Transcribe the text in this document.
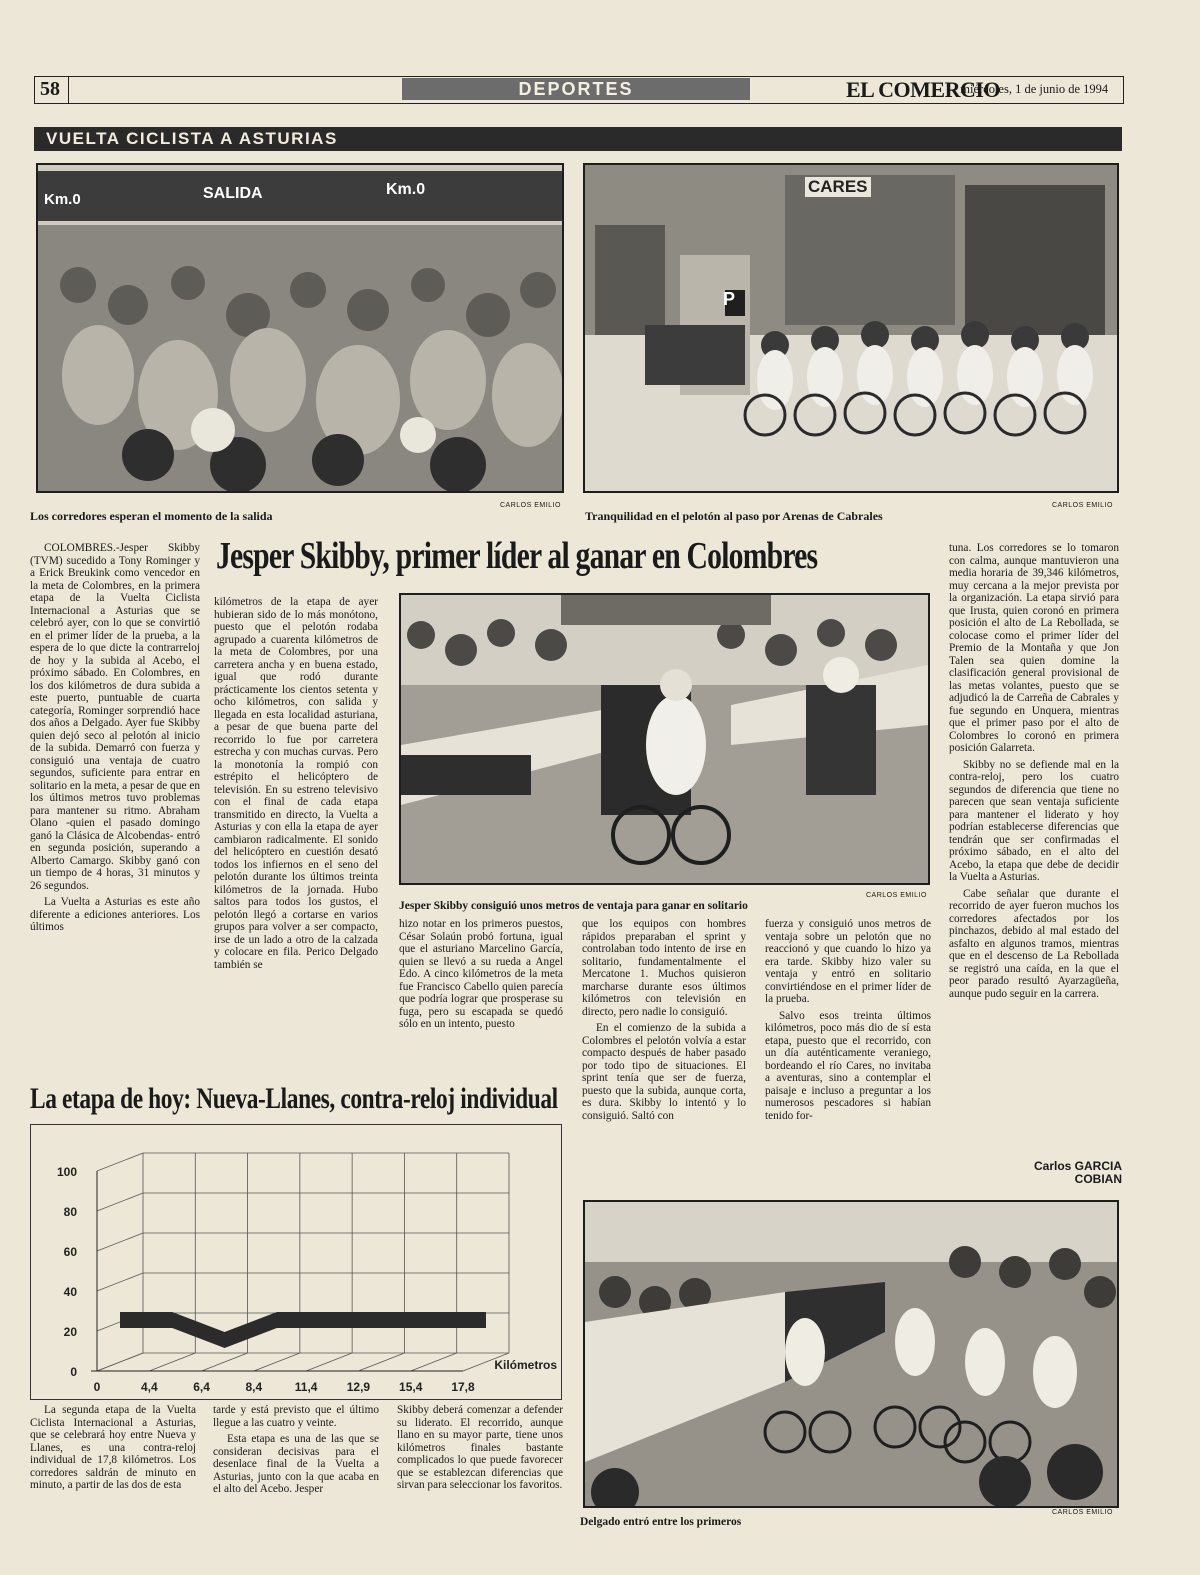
58	DEPORTES	EL COMERCIO
. miércoles, 1 de junio de 1994
VUELTA CICLISTA A ASTURIAS
Km.0	SALIDA	Km.0
CARLOS EMILIO
Los corredores esperan el momento de la salida
CARES
P
CARLOS EMILIO
Tranquilidad en el pelotón al paso por Arenas de Cabrales
Jesper Skibby, primer líder al ganar en Colombres

COLOMBRES.-Jesper Skibby (TVM) sucedido a Tony Rominger y a Erick Breukink como vencedor en la meta de Colombres, en la primera etapa de la Vuelta Ciclista Internacional a Asturias que se celebró ayer, con lo que se convirtió en el primer líder de la prueba, a la espera de lo que dicte la contrarreloj de hoy y la subida al Acebo, el próximo sábado. En Colombres, en los dos kilómetros de dura subida a este puerto, puntuable de cuarta categoría, Rominger sorprendió hace dos años a Delgado. Ayer fue Skibby quien dejó seco al pelotón al inicio de la subida. Demarró con fuerza y consiguió una ventaja de cuatro segundos, suficiente para entrar en solitario en la meta, a pesar de que en los últimos metros tuvo problemas para mantener su ritmo. Abraham Olano -quien el pasado domingo ganó la Clásica de Alcobendas- entró en segunda posición, superando a Alberto Camargo. Skibby ganó con un tiempo de 4 horas, 31 minutos y 26 segundos.

La Vuelta a Asturias es este año diferente a ediciones anteriores. Los últimos

kilómetros de la etapa de ayer hubieran sido de lo más monótono, puesto que el pelotón rodaba agrupado a cuarenta kilómetros de la meta de Colombres, por una carretera ancha y en buena estado, igual que rodó durante prácticamente los cientos setenta y ocho kilómetros, con salida y llegada en esta localidad asturiana, a pesar de que buena parte del recorrido lo fue por carretera estrecha y con muchas curvas. Pero la monotonía la rompió con estrépito el helicóptero de televisión. En su estreno televisivo con el final de cada etapa transmitido en directo, la Vuelta a Asturias y con ella la etapa de ayer cambiaron radicalmente. El sonido del helicóptero en cuestión desató todos los infiernos en el seno del pelotón durante los últimos treinta kilómetros de la jornada. Hubo saltos para todos los gustos, el pelotón llegó a cortarse en varios grupos para volver a ser compacto, irse de un lado a otro de la calzada y colocare en fila. Perico Delgado también se

CARLOS EMILIO
Jesper Skibby consiguió unos metros de ventaja para ganar en solitario

hizo notar en los primeros puestos, César Solaún probó fortuna, igual que el asturiano Marcelino García, quien se llevó a su rueda a Angel Edo. A cinco kilómetros de la meta fue Francisco Cabello quien parecía que podría lograr que prosperase su fuga, pero su escapada se quedó sólo en un intento, puesto

que los equipos con hombres rápidos preparaban el sprint y controlaban todo intento de irse en solitario, fundamentalmente el Mercatone 1. Muchos quisieron marcharse durante esos últimos kilómetros con televisión en directo, pero nadie lo consiguió.

En el comienzo de la subida a Colombres el pelotón volvía a estar compacto después de haber pasado por todo tipo de situaciones. El sprint tenía que ser de fuerza, puesto que la subida, aunque corta, es dura. Skibby lo intentó y lo consiguió. Saltó con

fuerza y consiguió unos metros de ventaja sobre un pelotón que no reaccionó y que cuando lo hizo ya era tarde. Skibby hizo valer su ventaja y entró en solitario convirtiéndose en el primer líder de la prueba.

Salvo esos treinta últimos kilómetros, poco más dio de sí esta etapa, puesto que el recorrido, con un día auténticamente veraniego, bordeando el río Cares, no invitaba a aventuras, sino a contemplar el paisaje e incluso a preguntar a los numerosos pescadores si habían tenido for-

tuna. Los corredores se lo tomaron con calma, aunque mantuvieron una media horaria de 39,346 kilómetros, muy cercana a la mejor prevista por la organización. La etapa sirvió para que Irusta, quien coronó en primera posición el alto de La Rebollada, se colocase como el primer líder del Premio de la Montaña y que Jon Talen sea quien domine la clasificación general provisional de las metas volantes, puesto que se adjudicó la de Carreña de Cabrales y fue segundo en Unquera, mientras que el primer paso por el alto de Colombres lo coronó en primera posición Galarreta.

Skibby no se defiende mal en la contra-reloj, pero los cuatro segundos de diferencia que tiene no parecen que sean ventaja suficiente para mantener el liderato y hoy podrían establecerse diferencias que tendrán que ser confirmadas el próximo sábado, en el alto del Acebo, la etapa que debe de decidir la Vuelta a Asturias.

Cabe señalar que durante el recorrido de ayer fueron muchos los corredores afectados por los pinchazos, debido al mal estado del asfalto en algunos tramos, mientras que en el descenso de La Rebollada se registró una caída, en la que el peor parado resultó Ayarzagüeña, aunque pudo seguir en la carrera.

Carlos GARCIA
COBIAN
La etapa de hoy: Nueva-Llanes, contra-reloj individual
0
20
40
60
80
100
0	4,4	6,4	8,4	11,4 12,9 15,4 17,8
Kilómetros

La segunda etapa de la Vuelta Ciclista Internacional a Asturias, que se celebrará hoy entre Nueva y Llanes, es una contra-reloj individual de 17,8 kilómetros. Los corredores saldrán de minuto en minuto, a partir de las dos de esta

tarde y está previsto que el último llegue a las cuatro y veinte.

Esta etapa es una de las que se consideran decisivas para el desenlace final de la Vuelta a Asturias, junto con la que acaba en el alto del Acebo. Jesper

Skibby deberá comenzar a defender su liderato. El recorrido, aunque llano en su mayor parte, tiene unos kilómetros finales bastante complicados lo que puede favorecer que se establezcan diferencias que sirvan para seleccionar los favoritos.

CARLOS EMILIO
Delgado entró entre los primeros
